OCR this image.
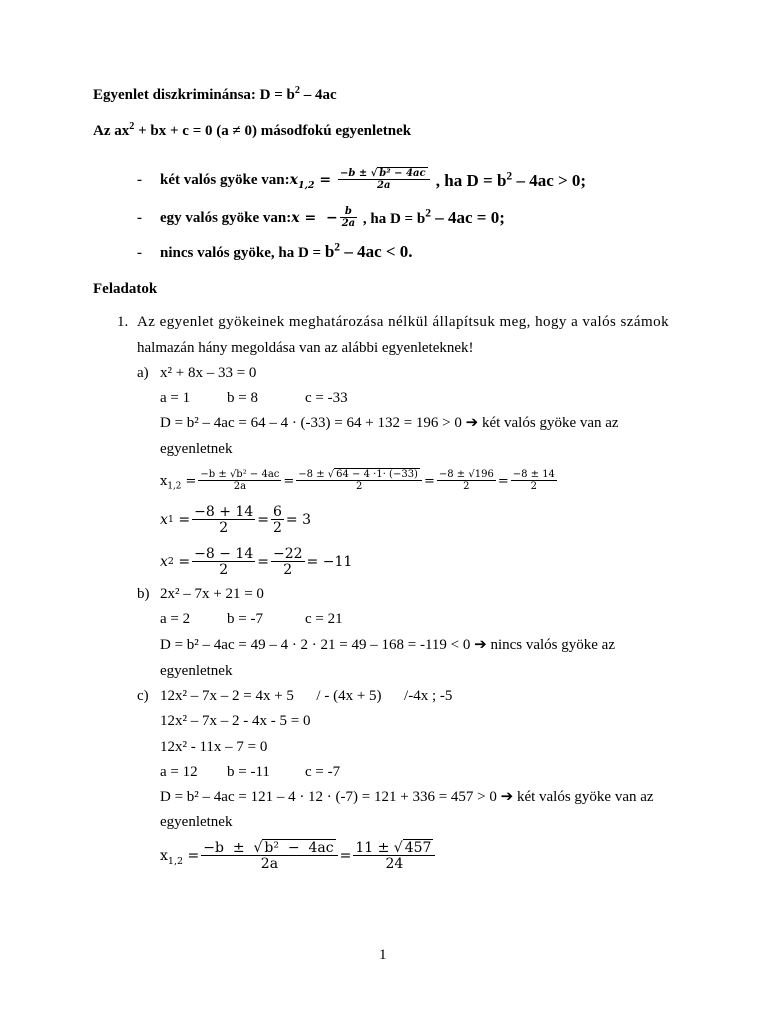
Egyenlet diszkriminánsa: $D = b^2 - 4ac$
Az $ax^2$ + bx + c = 0 (a ≠ 0) másodfokú egyenletnek
-	két valós gyöke van: $x_{1,2} = \frac{\text{−b ± √ b² − 4ac}}{2a}$ , ha $D = b^2 - 4ac > 0$;
-	egy valós gyöke van: x =  − $\frac{b}{2a}$ , ha $D = b^2 - 4ac = 0$;
- nincs valós gyöke, ha $D = b^2 - 4ac < 0$.
Feladatok
1. Az egyenlet gyökeinek meghatározása nélkül állapítsuk meg, hogy a valós számok
halmazán hány megoldása van az alábbi egyenleteknek!
a) x² + 8x – 33 = 0
a = 1 b = 8	c = -33
D = b² – 4ac = 64 – 4 · (-33) = 64 + 132 = 196 > 0 ➔ két valós gyöke van az
egyenletnek
$x_{1,2} = \frac{\text{−b ± √b² − 4ac}}{2a} = \frac{-8 \pm √ 64 - 4 \cdot 1\cdot (-33)}{2} = \frac{-8 \pm √196}{2} = \frac{-8 \pm 14}{2}$
x $1 = \frac{-8 + 14}{2} = \frac{6}{2} = 3$
x $2 = \frac{-8 - 14}{2} = \frac{-22}{2} = -11$
b) 2x² – 7x + 21 = 0
a = 2 b = -7	c = 21
D = b² – 4ac = 49 – 4 · 2 · 21 = 49 – 168 = -119 < 0 ➔ nincs valós gyöke az
egyenletnek
c) 12x² – 7x – 2 = 4x + 5      / - (4x + 5)      /-4x ; -5
12x² – 7x – 2 - 4x - 5 = 0
12x² - 11x – 7 = 0
a = 12 b = -11 c = -7
D = b² – 4ac = 121 – 4 · 12 · (-7) = 121 + 336 = 457 > 0 ➔ két valós gyöke van az
egyenletnek
$x_{1,2} = \frac{\text{−b  ±  √ b²  −  4ac}}{2a} = \frac{11 \pm √ 457}{24}$
1
